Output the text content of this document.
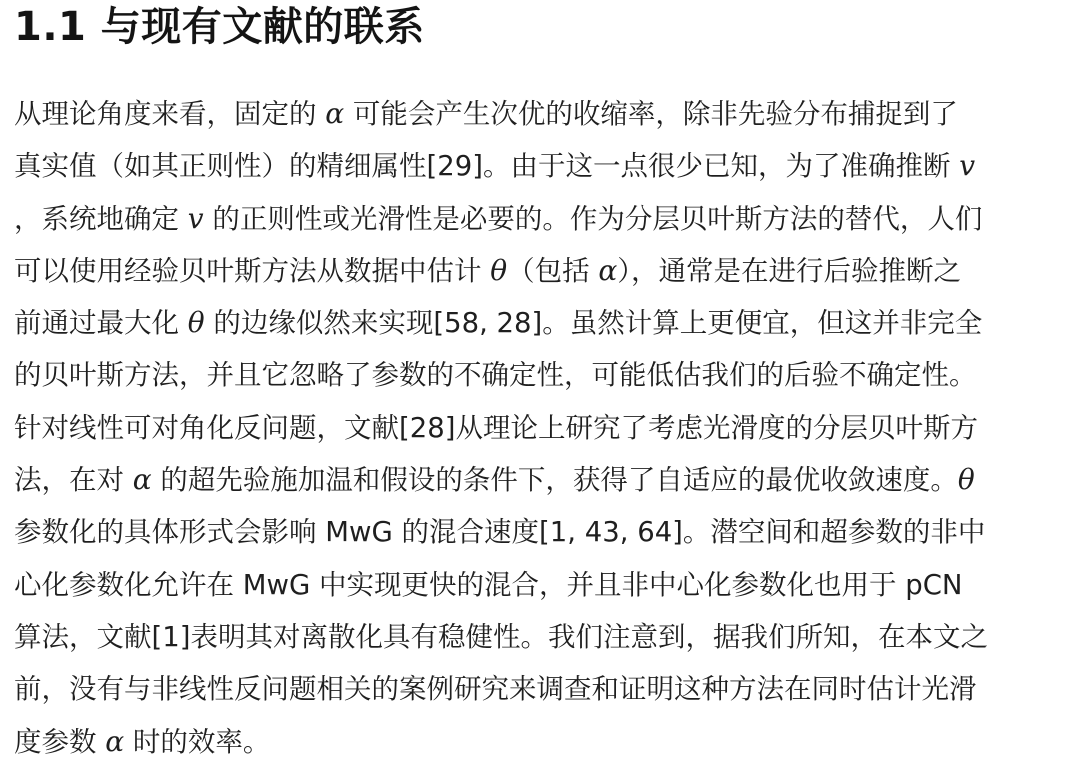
1.1 与现有文献的联系
从理论角度来看，固定的 α 可能会产生次优的收缩率，除非先验分布捕捉到了
真实值（如其正则性）的精细属性[29]。由于这一点很少已知，为了准确推断 v
，系统地确定 v 的正则性或光滑性是必要的。作为分层贝叶斯方法的替代，人们
可以使用经验贝叶斯方法从数据中估计 θ（包括 α），通常是在进行后验推断之
前通过最大化 θ 的边缘似然来实现[58, 28]。虽然计算上更便宜，但这并非完全
的贝叶斯方法，并且它忽略了参数的不确定性，可能低估我们的后验不确定性。
针对线性可对角化反问题，文献[28]从理论上研究了考虑光滑度的分层贝叶斯方
法，在对 α 的超先验施加温和假设的条件下，获得了自适应的最优收敛速度。θ
参数化的具体形式会影响 MwG 的混合速度[1, 43, 64]。潜空间和超参数的非中
心化参数化允许在 MwG 中实现更快的混合，并且非中心化参数化也用于 pCN
算法，文献[1]表明其对离散化具有稳健性。我们注意到，据我们所知，在本文之
前，没有与非线性反问题相关的案例研究来调查和证明这种方法在同时估计光滑
度参数 α 时的效率。
